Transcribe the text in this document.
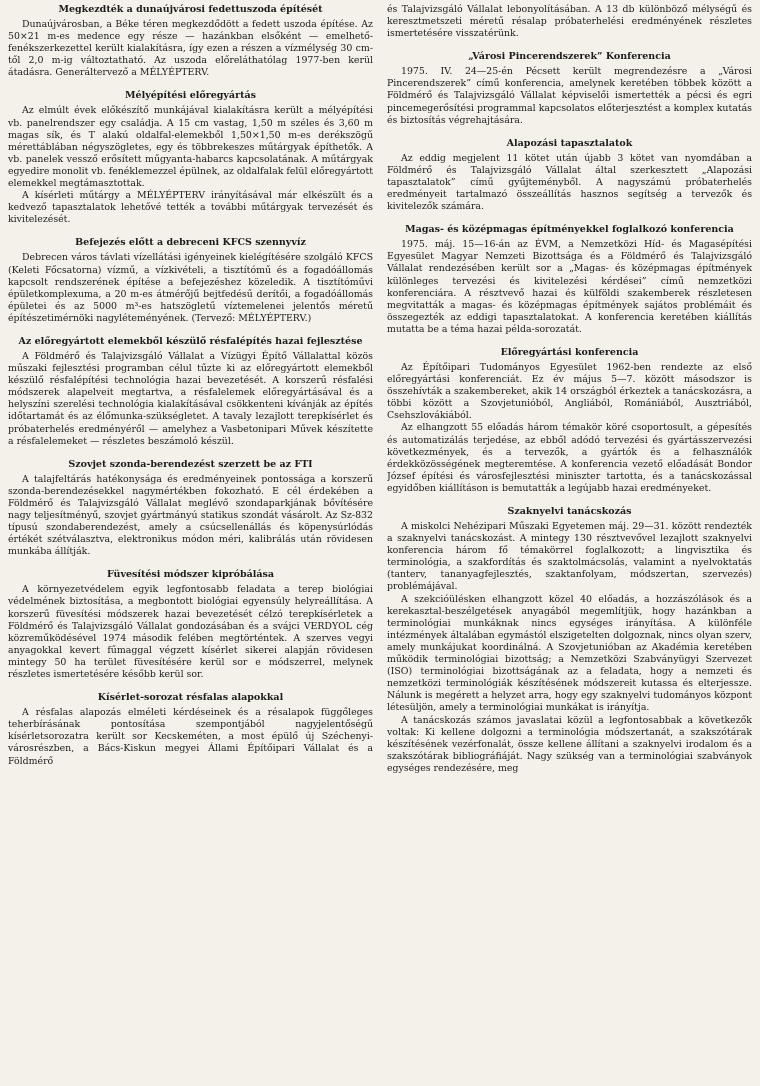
Megkezdték a dunaújvárosi fedettuszoda építését

Dunaújvárosban, a Béke téren megkezdődött a fedett uszoda építése. Az 50×21 m-es medence egy része — hazánkban elsőként — emelhető-fenékszerkezettel került kialakításra, így ezen a részen a vízmélység 30 cm-től 2,0 m-ig változtatható. Az uszoda előreláthatólag 1977-ben kerül átadásra. Generáltervező a MÉLYÉPTERV.

Mélyépítési előregyártás

Az elmúlt évek előkészítő munkájával kialakításra került a mélyépítési vb. panelrendszer egy családja. A 15 cm vastag, 1,50 m széles és 3,60 m magas sík, és T alakú oldalfal-elemekből 1,50×1,50 m-es derékszögű mérettáblában négyszögletes, egy és többrekeszes műtárgyak építhetők. A vb. panelek vessző erősített műgyanta-habarcs kapcsolatának. A műtárgyak egyedire monolit vb. fenéklemezzel épülnek, az oldalfalak felül előregyártott elemekkel megtámasztottak.

A kísérleti műtárgy a MÉLYÉPTERV irányításával már elkészült és a kedvező tapasztalatok lehetővé tették a további műtárgyak tervezését és kivitelezését.

Befejezés előtt a debreceni KFCS szennyvíz

Debrecen város távlati vízellátási igényeinek kielégítésére szolgáló KFCS (Keleti Főcsatorna) vízmű, a vízkivételi, a tisztítómű és a fogadóállomás kapcsolt rendszerének építése a befejezéshez közeledik. A tisztítóművi épületkomplexuma, a 20 m-es átmérőjű bejtfedésű derítői, a fogadóállomás épületei és az 5000 m³-es hatszögletű víztemelenei jelentős méretű építészetimérnöki nagyléteményének. (Tervező: MÉLYÉPTERV.)

Az előregyártott elemekből készülő résfalépítés hazai fejlesztése

A Földmérő és Talajvizsgáló Vállalat a Vízügyi Építő Vállalattal közös műszaki fejlesztési programban célul tűzte ki az előregyártott elemekből készülő résfalépítési technológia hazai bevezetését. A korszerű résfalési módszerek alapelveit megtartva, a résfalelemek előregyártásával és a helyszíni szerelési technológia kialakításával csökkenteni kívánják az építés időtartamát és az élőmunka-szükségletet. A tavaly lezajlott terepkísérlet és próbaterhelés eredményéről — amelyhez a Vasbetonipari Művek készítette a résfalelemeket — részletes beszámoló készül.

Szovjet szonda-berendezést szerzett be az FTI

A talajfeltárás hatékonysága és eredményeinek pontossága a korszerű szonda-berendezésekkel nagymértékben fokozható. E cél érdekében a Földmérő és Talajvizsgáló Vállalat meglévő szondaparkjának bővítésére nagy teljesítményű, szovjet gyártmányú statikus szondát vásárolt. Az Sz-832 típusú szondaberendezést, amely a csúcsellenállás és köpenysúrlódás értékét szétválasztva, elektronikus módon méri, kalibrálás után rövidesen munkába állítják.

Füvesítési módszer kipróbálása

A környezetvédelem egyik legfontosabb feladata a terep biológiai védelmének biztosítása, a megbontott biológiai egyensúly helyreállítása. A korszerű füvesítési módszerek hazai bevezetését célzó terepkísérletek a Földmérő és Talajvizsgáló Vállalat gondozásában és a svájci VERDYOL cég közreműködésével 1974 második felében megtörténtek. A szerves vegyi anyagokkal kevert fűmaggal végzett kísérlet sikerei alapján rövidesen mintegy 50 ha terület füvesítésére kerül sor e módszerrel, melynek részletes ismertetésére később kerül sor.

Kísérlet-sorozat résfalas alapokkal

A résfalas alapozás elméleti kérdéseinek és a résalapok függőleges teherbírásának pontosítása szempontjából nagyjelentőségű kísérletsorozatra került sor Kecskeméten, a most épülő új Széchenyi-városrészben, a Bács-Kiskun megyei Állami Építőipari Vállalat és a Földmérő

és Talajvizsgáló Vállalat lebonyolításában. A 13 db különböző mélységű és keresztmetszeti méretű résalap próbaterhelési eredményének részletes ismertetésére visszatérünk.

„Városi Pincerendszerek” Konferencia

1975. IV. 24—25-én Pécsett került megrendezésre a „Városi Pincerendszerek” című konferencia, amelynek keretében többek között a Földmérő és Talajvizsgáló Vállalat képviselői ismertették a pécsi és egri pincemegerősítési programmal kapcsolatos előterjesztést a komplex kutatás és biztosítás végrehajtására.

Alapozási tapasztalatok

Az eddig megjelent 11 kötet után újabb 3 kötet van nyomdában a Földmérő és Talajvizsgáló Vállalat által szerkesztett „Alapozási tapasztalatok” című gyűjteményből. A nagyszámú próbaterhelés eredményeit tartalmazó összeállítás hasznos segítség a tervezők és kivitelezők számára.

Magas- és középmagas építményekkel foglalkozó konferencia

1975. máj. 15—16-án az ÉVM, a Nemzetközi Híd- és Magasépítési Egyesület Magyar Nemzeti Bizottsága és a Földmérő és Talajvizsgáló Vállalat rendezésében került sor a „Magas- és középmagas építmények különleges tervezési és kivitelezési kérdései” című nemzetközi konferenciára. A résztvevő hazai és külföldi szakemberek részletesen megvitatták a magas- és középmagas építmények sajátos problémáit és összegezték az eddigi tapasztalatokat. A konferencia keretében kiállítás mutatta be a téma hazai példa-sorozatát.

Előregyártási konferencia

Az Építőipari Tudományos Egyesület 1962-ben rendezte az első előregyártási konferenciát. Ez év május 5—7. között másodszor is összehívták a szakembereket, akik 14 országból érkeztek a tanácskozásra, a többi között a Szovjetunióból, Angliából, Romániából, Ausztriából, Csehszlovákiából.

Az elhangzott 55 előadás három témakör köré csoportosult, a gépesítés és automatizálás terjedése, az ebből adódó tervezési és gyártásszervezési következmények, és a tervezők, a gyártók és a felhasználók érdekközösségének megteremtése. A konferencia vezető előadását Bondor József építési és városfejlesztési miniszter tartotta, és a tanácskozással egyidőben kiállításon is bemutatták a legújabb hazai eredményeket.

Szaknyelvi tanácskozás

A miskolci Nehézipari Műszaki Egyetemen máj. 29—31. között rendezték a szaknyelvi tanácskozást. A mintegy 130 résztvevővel lezajlott szaknyelvi konferencia három fő témakörrel foglalkozott; a lingvisztika és terminológia, a szakfordítás és szaktolmácsolás, valamint a nyelvoktatás (tanterv, tananyagfejlesztés, szaktanfolyam, módszertan, szervezés) problémájával.

A szekcióülésken elhangzott közel 40 előadás, a hozzászólások és a kerekasztal-beszélgetések anyagából megemlítjük, hogy hazánkban a terminológiai munkáknak nincs egységes irányítása. A különféle intézmények általában egymástól elszigetelten dolgoznak, nincs olyan szerv, amely munkájukat koordinálná. A Szovjetunióban az Akadémia keretében működik terminológiai bizottság; a Nemzetközi Szabványügyi Szervezet (ISO) terminológiai bizottságának az a feladata, hogy a nemzeti és nemzetközi terminológiák készítésének módszereit kutassa és elterjessze. Nálunk is megérett a helyzet arra, hogy egy szaknyelvi tudományos központ létesüljön, amely a terminológiai munkákat is irányítja.

A tanácskozás számos javaslatai közül a legfontosabbak a következők voltak: Ki kellene dolgozni a terminológia módszertanát, a szakszótárak készítésének vezérfonalát, össze kellene állítani a szaknyelvi irodalom és a szakszótárak bibliográfiáját. Nagy szükség van a terminológiai szabványok egységes rendezésére, meg
